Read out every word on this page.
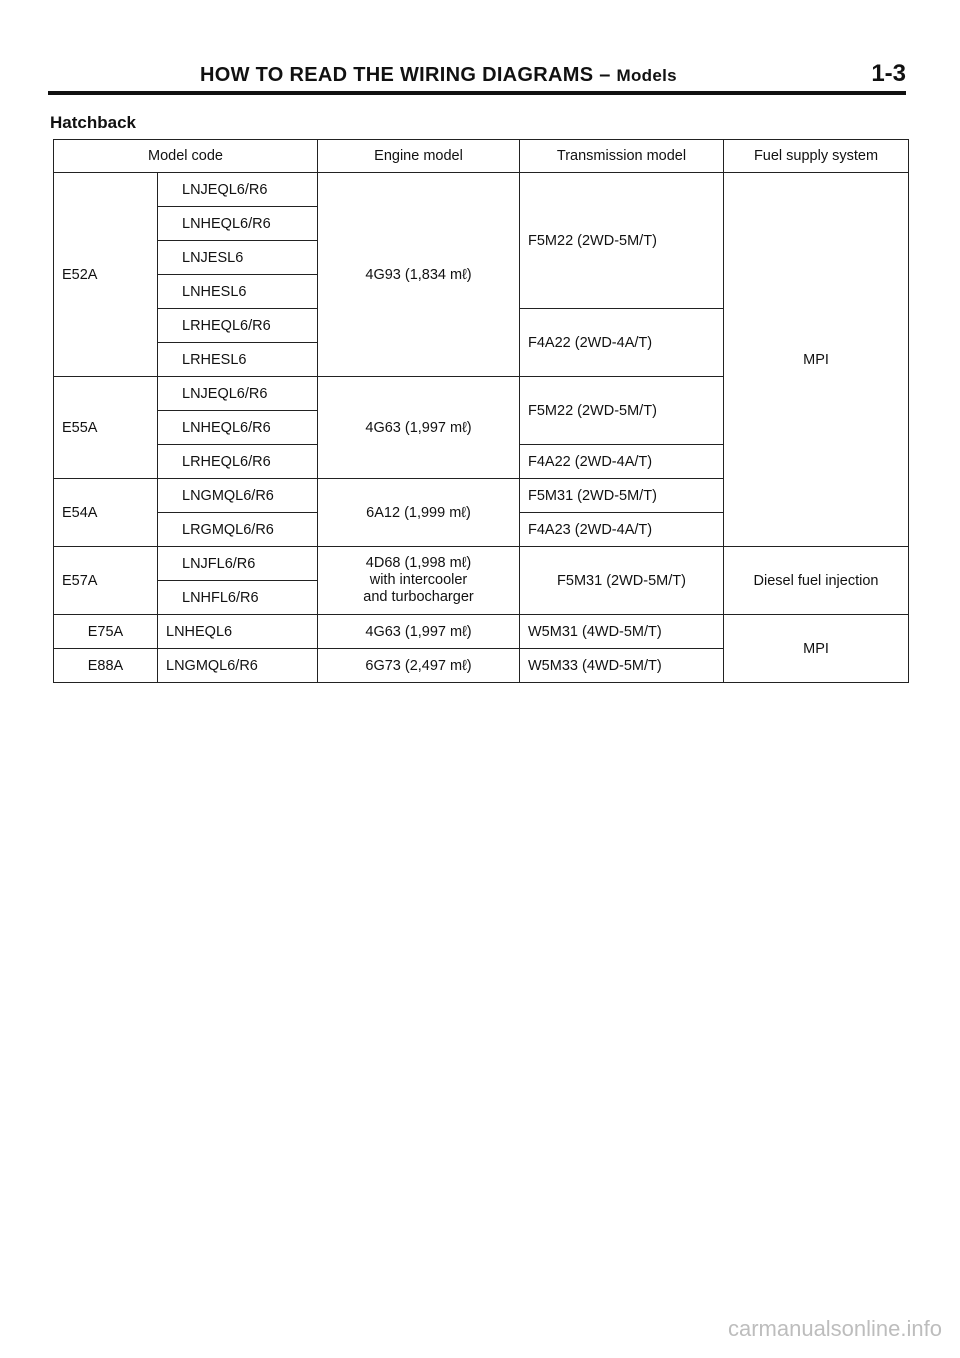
HOW TO READ THE WIRING DIAGRAMS – Models	1-3
Hatchback
Model code		Engine model	Transmission model	Fuel supply system
E52A	LNJEQL6/R6	4G93 (1,834 mℓ)	F5M22 (2WD-5M/T)	MPI
	LNHEQL6/R6			
	LNJESL6			
	LNHESL6			
	LRHEQL6/R6		F4A22 (2WD-4A/T)	
	LRHESL6			
E55A	LNJEQL6/R6	4G63 (1,997 mℓ)	F5M22 (2WD-5M/T)	
	LNHEQL6/R6			
	LRHEQL6/R6		F4A22 (2WD-4A/T)	
E54A	LNGMQL6/R6	6A12 (1,999 mℓ)	F5M31 (2WD-5M/T)	
	LRGMQL6/R6		F4A23 (2WD-4A/T)	
E57A	LNJFL6/R6	4D68 (1,998 mℓ)
with intercooler
and turbocharger	F5M31 (2WD-5M/T)	Diesel fuel injection
	LNHFL6/R6			
E75A	LNHEQL6	4G63 (1,997 mℓ)	W5M31 (4WD-5M/T)	MPI
E88A	LNGMQL6/R6	6G73 (2,497 mℓ)	W5M33 (4WD-5M/T)	
carmanualsonline.info
